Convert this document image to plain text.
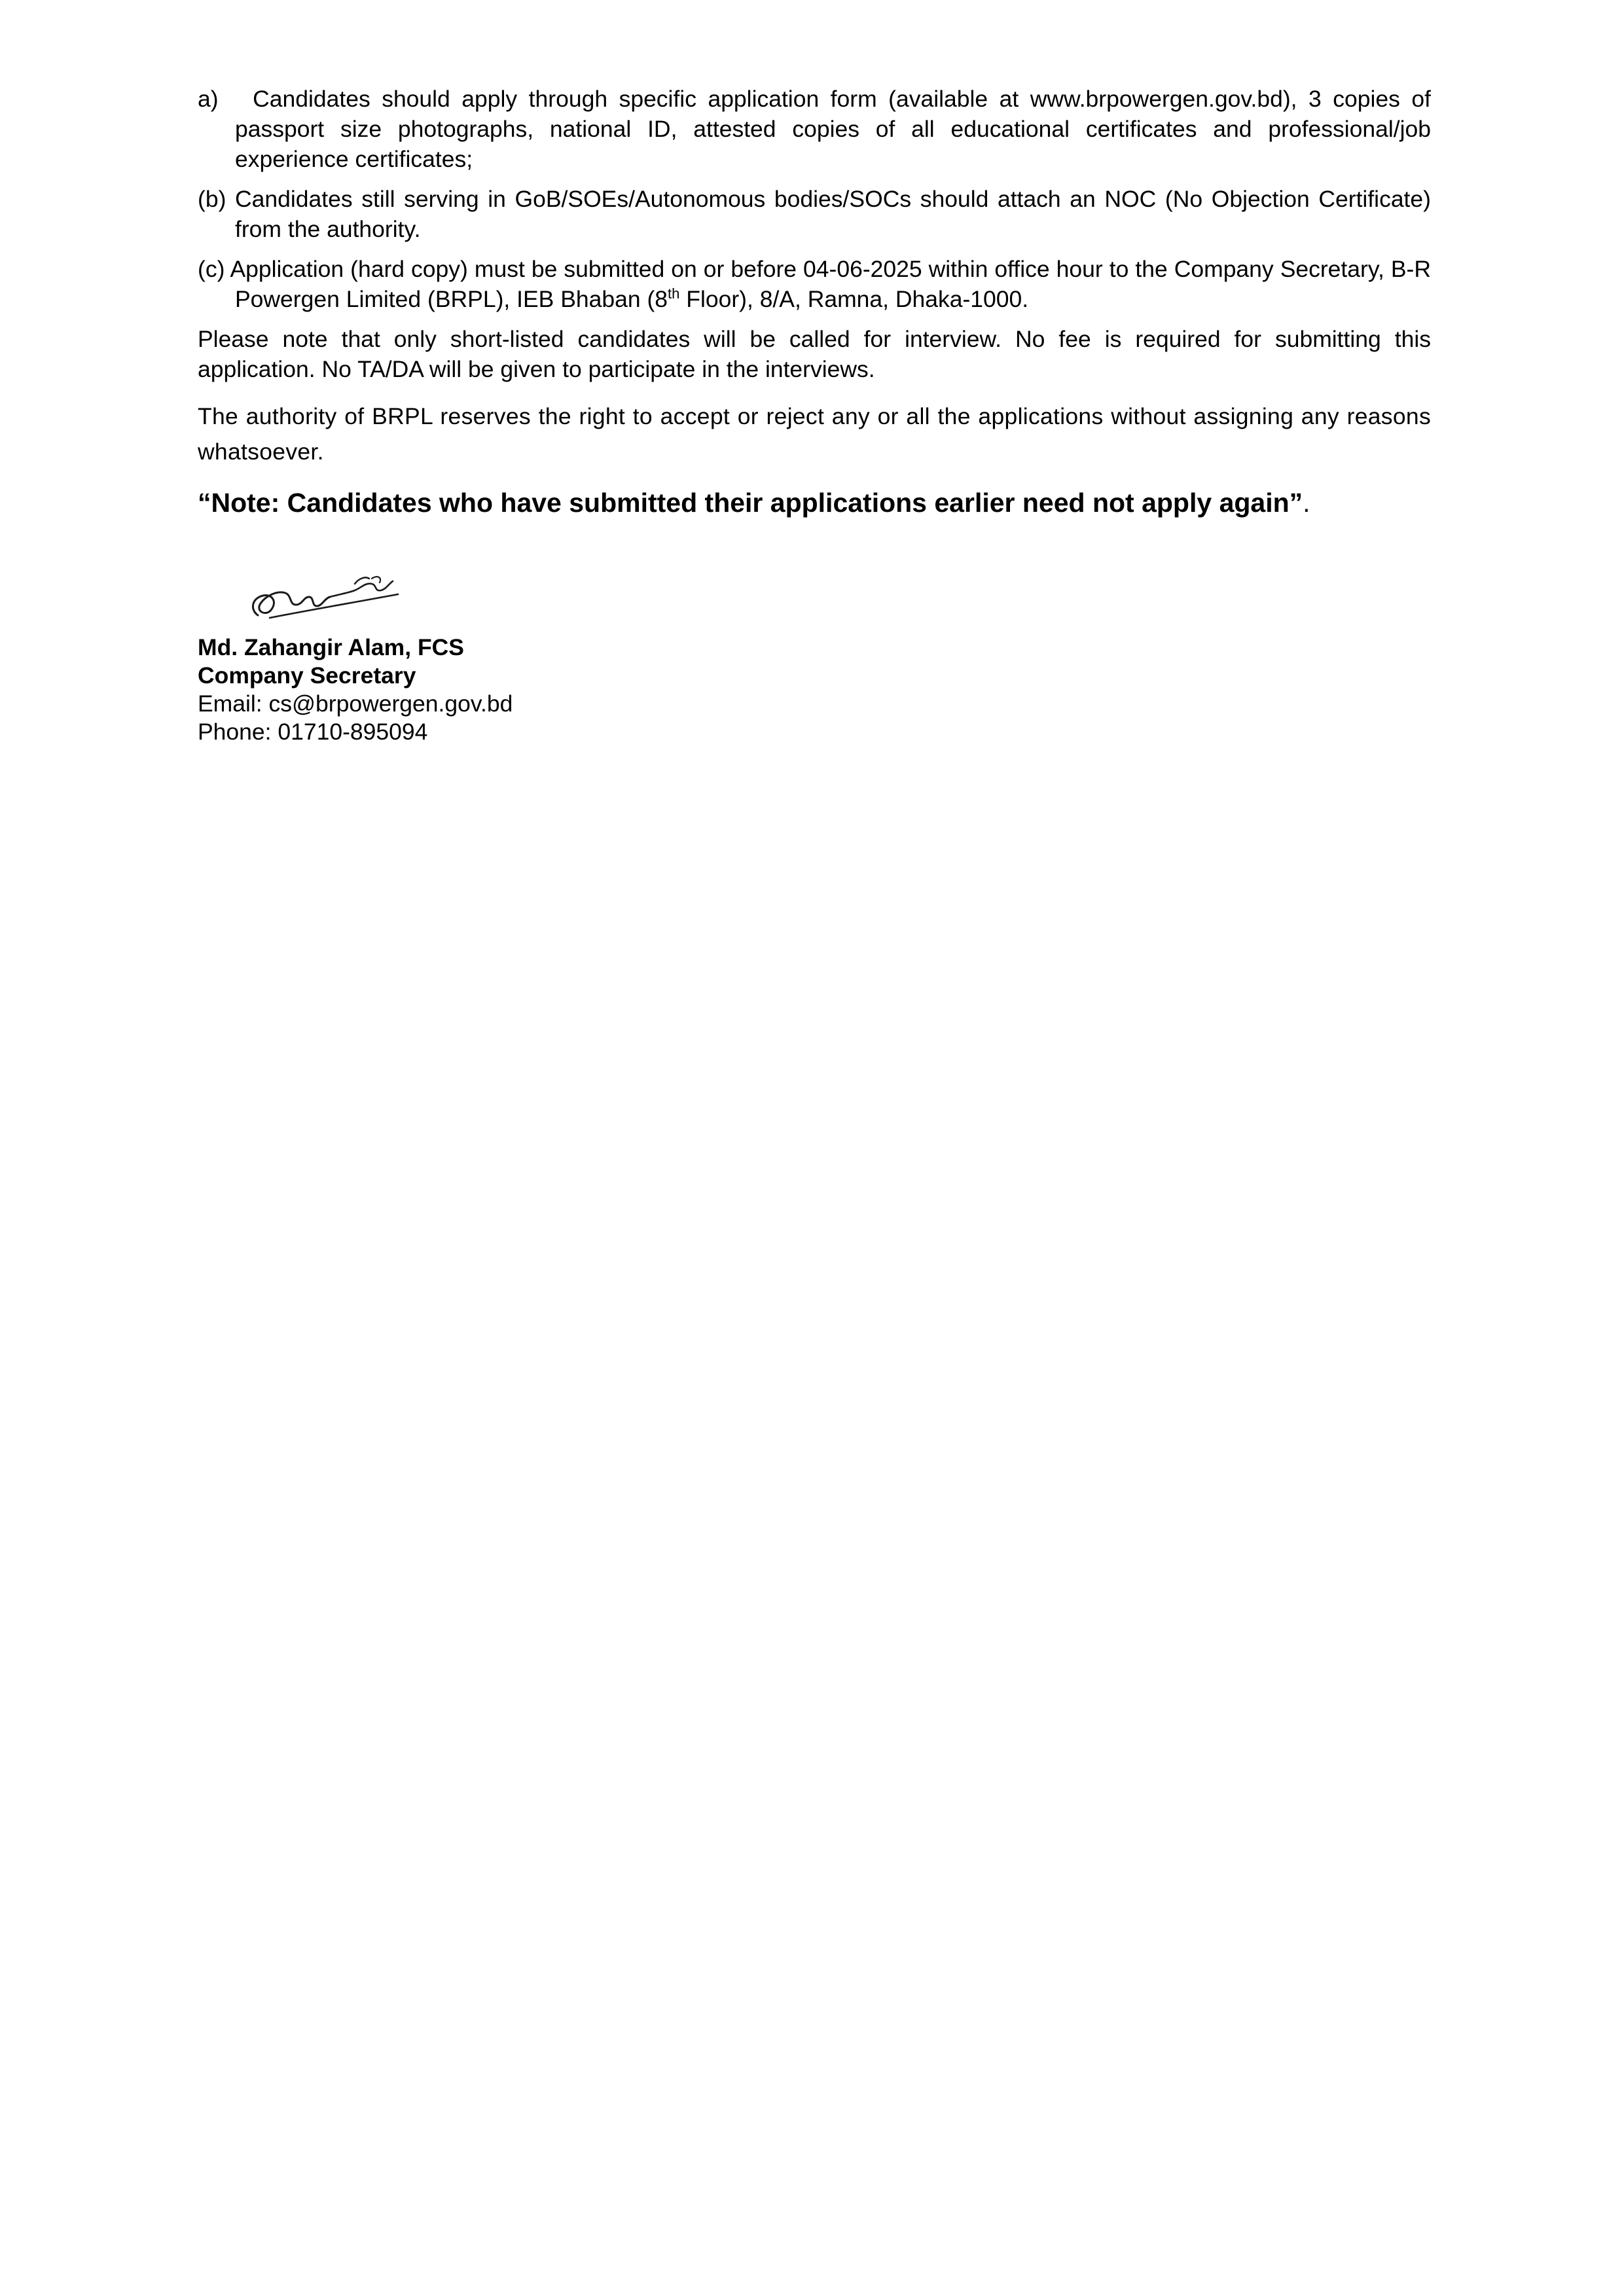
a) Candidates should apply through specific application form (available at www.brpowergen.gov.bd), 3 copies of passport size photographs, national ID, attested copies of all educational certificates and professional/job experience certificates;

(b) Candidates still serving in GoB/SOEs/Autonomous bodies/SOCs should attach an NOC (No Objection Certificate) from the authority.

(c) Application (hard copy) must be submitted on or before 04-06-2025 within office hour to the Company Secretary, B-R Powergen Limited (BRPL), IEB Bhaban (8th Floor), 8/A, Ramna, Dhaka-1000.

Please note that only short-listed candidates will be called for interview. No fee is required for submitting this application. No TA/DA will be given to participate in the interviews.

The authority of BRPL reserves the right to accept or reject any or all the applications without assigning any reasons whatsoever.

“Note: Candidates who have submitted their applications earlier need not apply again”.

Md. Zahangir Alam, FCS
Company Secretary
Email: cs@brpowergen.gov.bd
Phone: 01710-895094
